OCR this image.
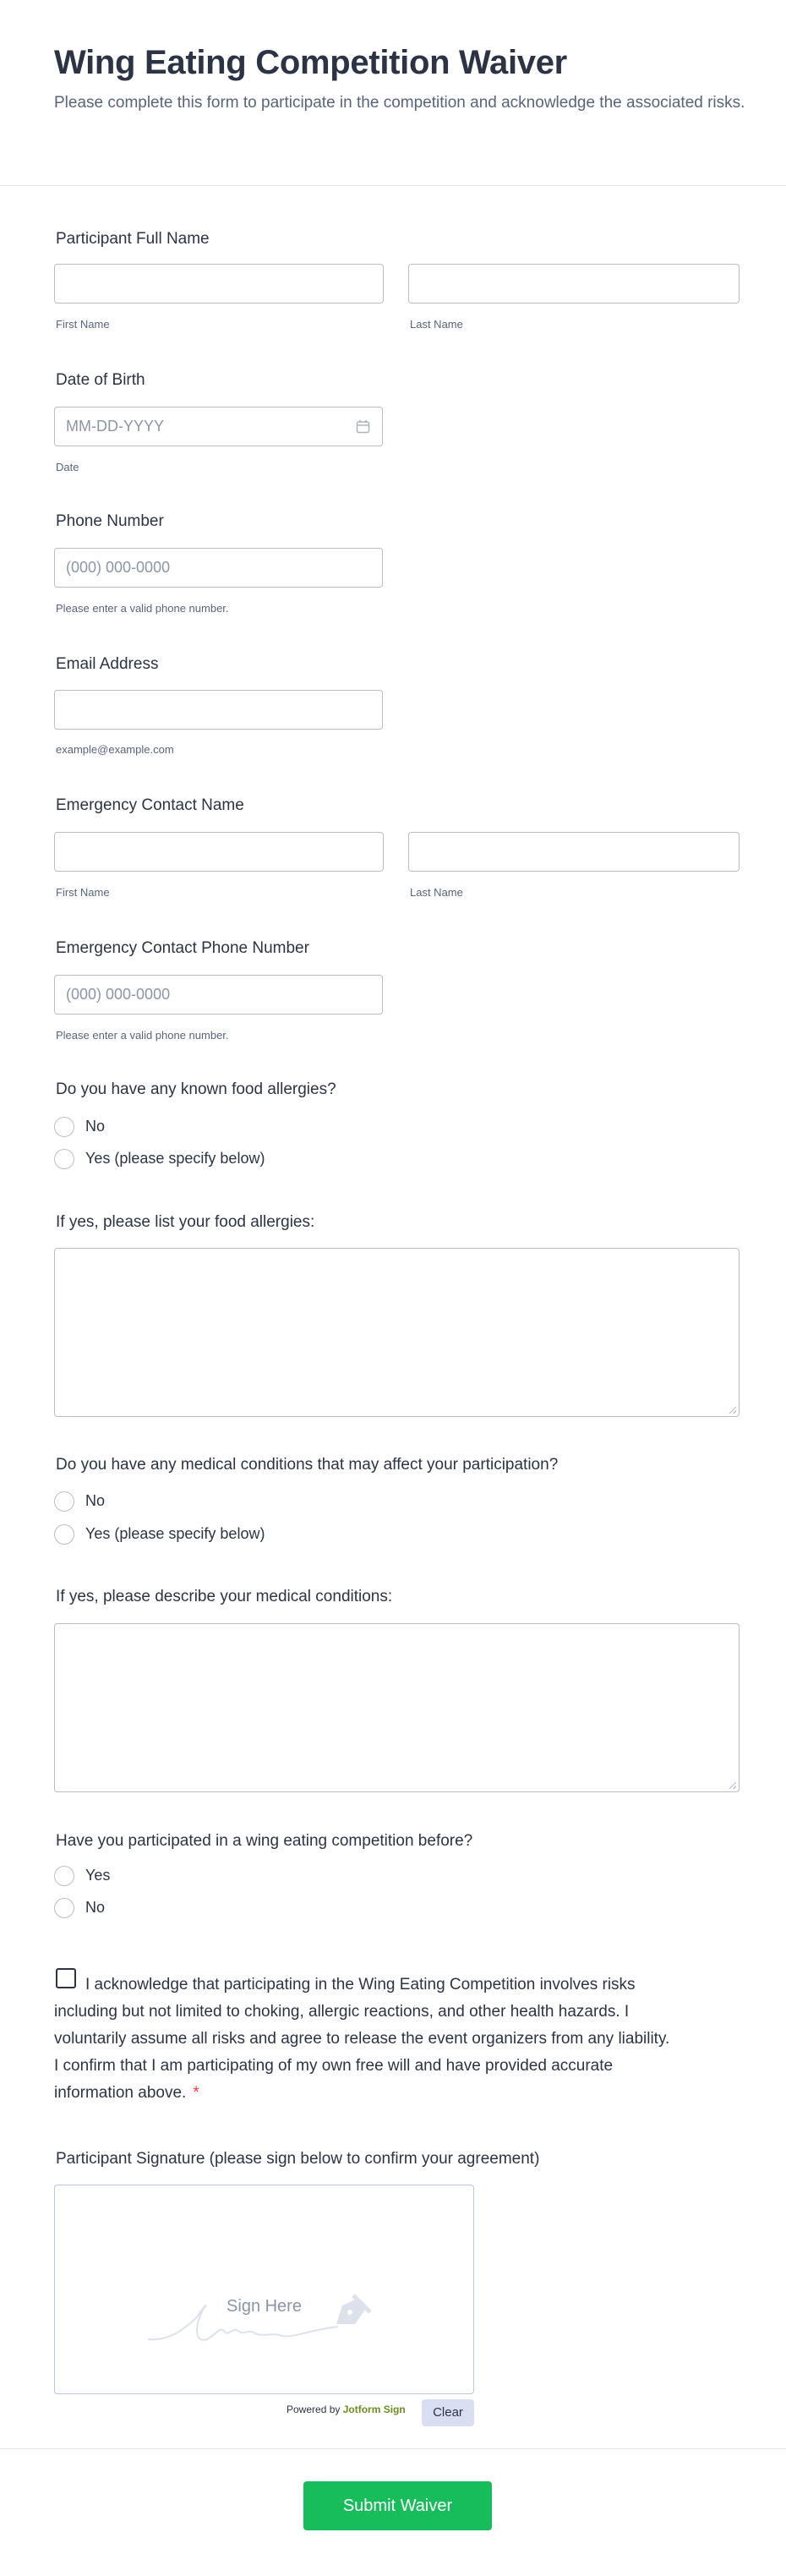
Wing Eating Competition Waiver
Please complete this form to participate in the competition and acknowledge the associated risks.
Participant Full Name
First Name	Last Name
Date of Birth
MM-DD-YYYY
Date
Phone Number
(000) 000-0000
Please enter a valid phone number.
Email Address
example@example.com
Emergency Contact Name
First Name	Last Name
Emergency Contact Phone Number
(000) 000-0000
Please enter a valid phone number.
Do you have any known food allergies?
No
Yes (please specify below)
If yes, please list your food allergies:
Do you have any medical conditions that may affect your participation?
No
Yes (please specify below)
If yes, please describe your medical conditions:
Have you participated in a wing eating competition before?
Yes
No
I acknowledge that participating in the Wing Eating Competition involves risks including but not limited to choking, allergic reactions, and other health hazards. I voluntarily assume all risks and agree to release the event organizers from any liability. I confirm that I am participating of my own free will and have provided accurate information above. *
Participant Signature (please sign below to confirm your agreement)
Sign Here
Powered by Jotform Sign	Clear
Submit Waiver
